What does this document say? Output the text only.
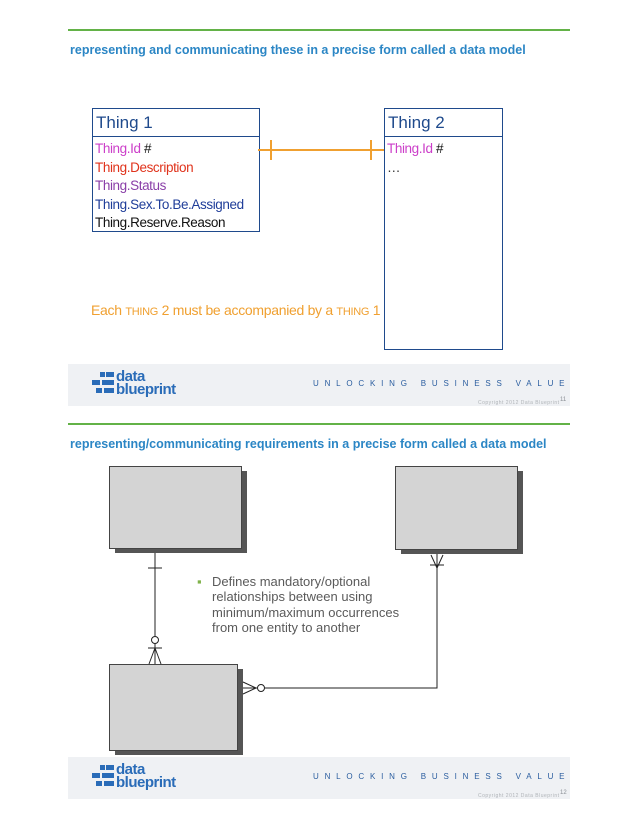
representing and communicating these in a precise form called a data model
Thing 1
Thing.Id #
Thing.Description
Thing.Status
Thing.Sex.To.Be.Assigned
Thing.Reserve.Reason
Thing 2
Thing.Id #
…
Each THING 2 must be accompanied by a THING 1
data
blueprint	UNLOCKING BUSINESS VALUE
Copyright 2012 Data Blueprint 11
representing/communicating requirements in a precise form called a data model
▪ Defines mandatory/optional relationships between using minimum/maximum occurrences from one entity to another
data
blueprint	UNLOCKING BUSINESS VALUE
Copyright 2012 Data Blueprint 12
